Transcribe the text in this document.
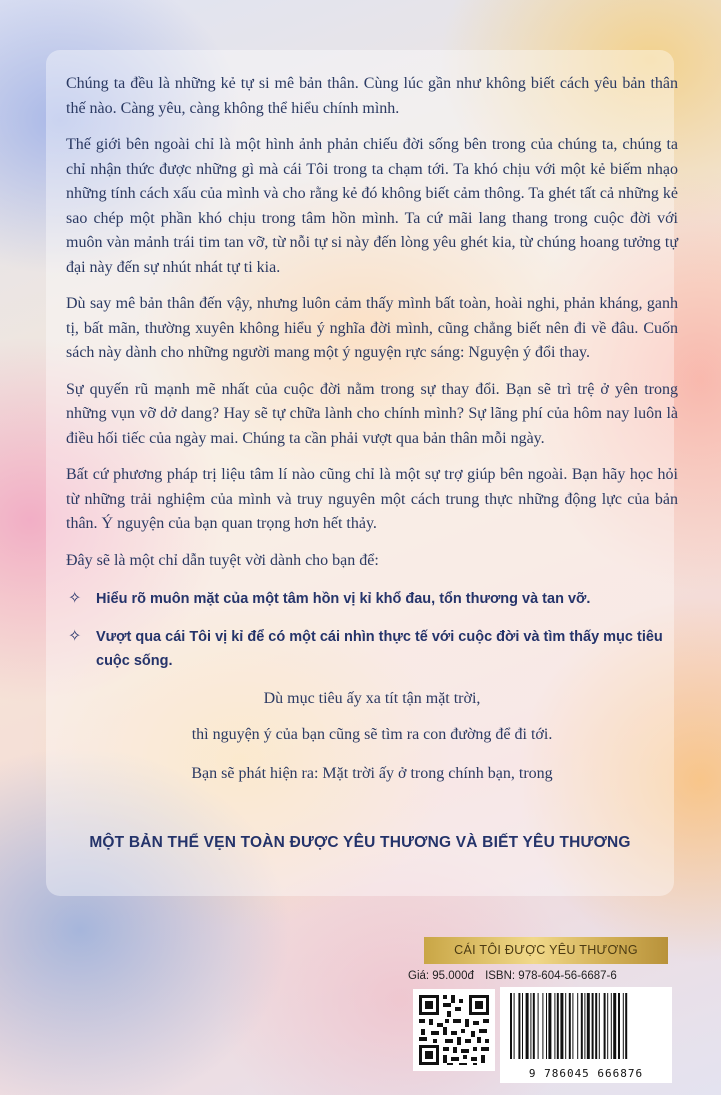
Chúng ta đều là những kẻ tự si mê bản thân. Cùng lúc gần như không biết cách yêu bản thân thế nào. Càng yêu, càng không thể hiểu chính mình.

Thế giới bên ngoài chỉ là một hình ảnh phản chiếu đời sống bên trong của chúng ta, chúng ta chỉ nhận thức được những gì mà cái Tôi trong ta chạm tới. Ta khó chịu với một kẻ biếm nhạo những tính cách xấu của mình và cho rằng kẻ đó không biết cảm thông. Ta ghét tất cả những kẻ sao chép một phần khó chịu trong tâm hồn mình. Ta cứ mãi lang thang trong cuộc đời với muôn vàn mảnh trái tim tan vỡ, từ nỗi tự si này đến lòng yêu ghét kia, từ chúng hoang tưởng tự đại này đến sự nhút nhát tự ti kia.

Dù say mê bản thân đến vậy, nhưng luôn cảm thấy mình bất toàn, hoài nghi, phản kháng, ganh tị, bất mãn, thường xuyên không hiểu ý nghĩa đời mình, cũng chẳng biết nên đi về đâu. Cuốn sách này dành cho những người mang một ý nguyện rực sáng: Nguyện ý đổi thay.

Sự quyến rũ mạnh mẽ nhất của cuộc đời nằm trong sự thay đổi. Bạn sẽ trì trệ ở yên trong những vụn vỡ dở dang? Hay sẽ tự chữa lành cho chính mình? Sự lãng phí của hôm nay luôn là điều hối tiếc của ngày mai. Chúng ta cần phải vượt qua bản thân mỗi ngày.

Bất cứ phương pháp trị liệu tâm lí nào cũng chỉ là một sự trợ giúp bên ngoài. Bạn hãy học hỏi từ những trải nghiệm của mình và truy nguyên một cách trung thực những động lực của bản thân. Ý nguyện của bạn quan trọng hơn hết thảy.

Đây sẽ là một chỉ dẫn tuyệt vời dành cho bạn để:

✧ Hiểu rõ muôn mặt của một tâm hồn vị kỉ khổ đau, tổn thương và tan vỡ.
✧ Vượt qua cái Tôi vị kỉ để có một cái nhìn thực tế với cuộc đời và tìm thấy mục tiêu cuộc sống.

Dù mục tiêu ấy xa tít tận mặt trời,

thì nguyện ý của bạn cũng sẽ tìm ra con đường để đi tới.

Bạn sẽ phát hiện ra: Mặt trời ấy ở trong chính bạn, trong

MỘT BẢN THỂ VẸN TOÀN ĐƯỢC YÊU THƯƠNG VÀ BIẾT YÊU THƯƠNG
CÁI TÔI ĐƯỢC YÊU THƯƠNG
Giá: 95.000đ ISBN: 978-604-56-6687-6
9 786045 666876
